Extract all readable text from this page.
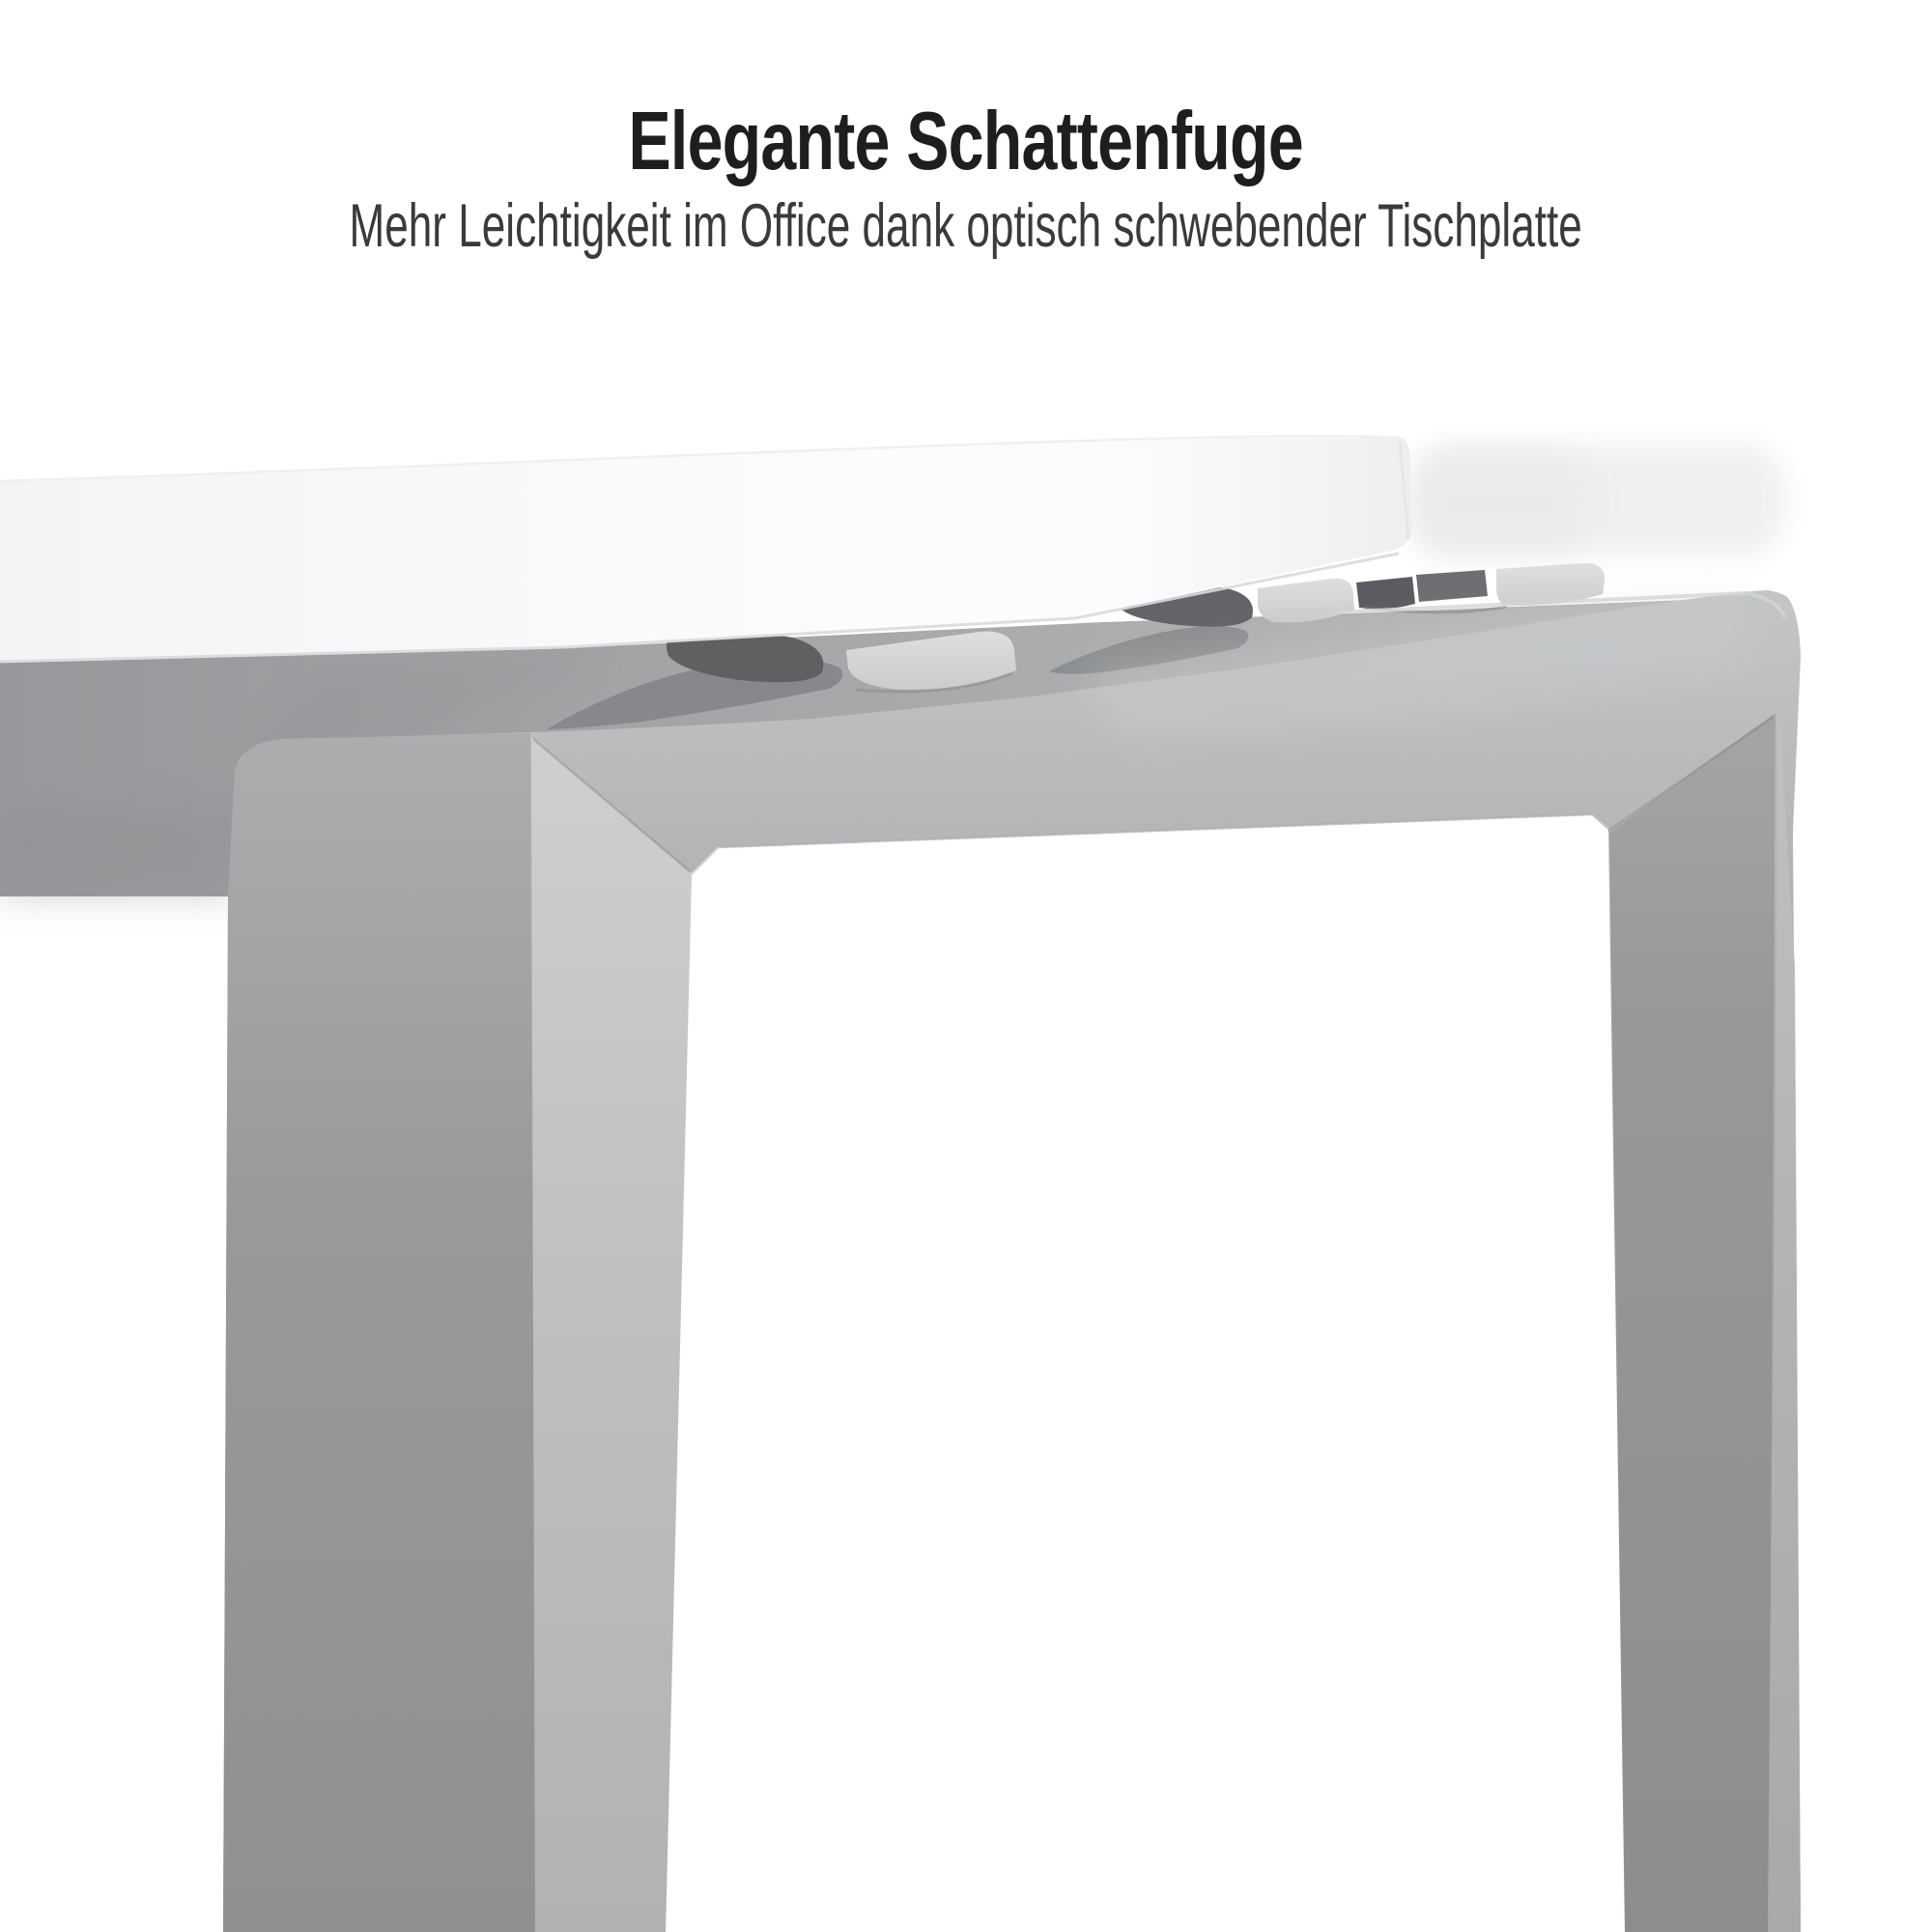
Elegante Schattenfuge

Mehr Leichtigkeit im Office dank optisch schwebender Tischplatte
